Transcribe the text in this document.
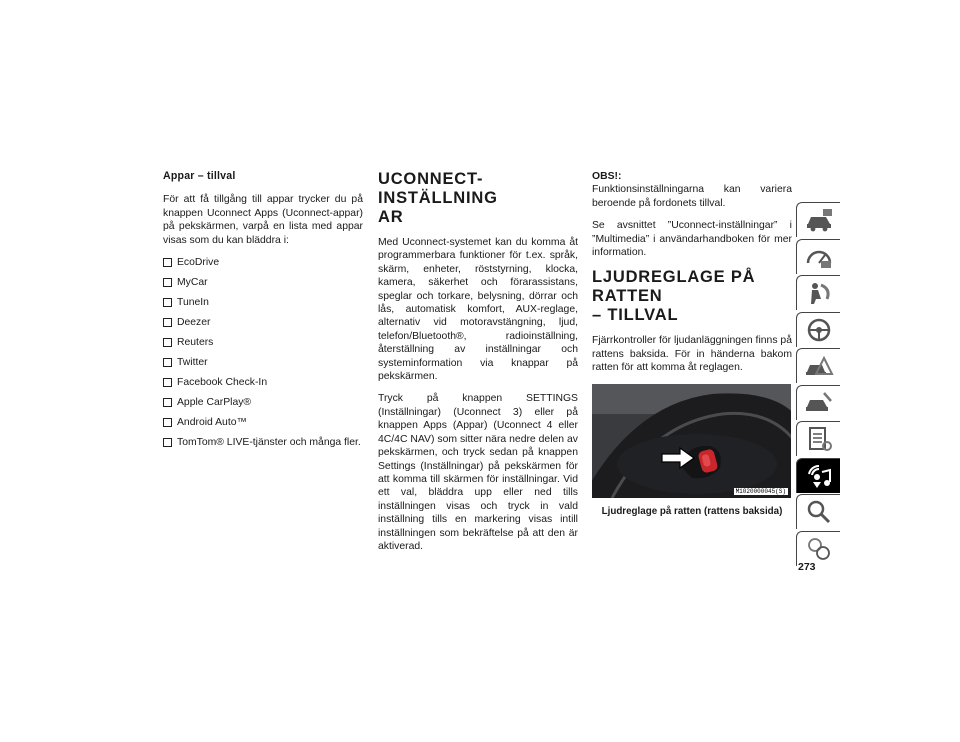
Appar – tillval

För att få tillgång till appar trycker du på knappen Uconnect Apps (Uconnect-appar) på pekskärmen, varpå en lista med appar visas som du kan bläddra i:

EcoDrive
MyCar
TuneIn
Deezer
Reuters
Twitter
Facebook Check-In
Apple CarPlay®
Android Auto™
TomTom® LIVE-tjänster och många fler.
UCONNECT-INSTÄLLNING
AR

Med Uconnect-systemet kan du komma åt programmerbara funktioner för t.ex. språk, skärm, enheter, röststyrning, klocka, kamera, säkerhet och förarassistans, speglar och torkare, belysning, dörrar och lås, automatisk komfort, AUX-reglage, alternativ vid motoravstängning, ljud, telefon/Bluetooth®, radioinställning, återställning av inställningar och systeminformation via knappar på pekskärmen.

Tryck på knappen SETTINGS (Inställningar) (Uconnect 3) eller på knappen Apps (Appar) (Uconnect 4 eller 4C/4C NAV) som sitter nära nedre delen av pekskärmen, och tryck sedan på knappen Settings (Inställningar) på pekskärmen för att komma till skärmen för inställningar. Vid ett val, bläddra upp eller ned tills inställningen visas och tryck in vald inställning tills en markering visas intill inställningen som bekräftelse på att den är aktiverad.

OBS!:

Funktionsinställningarna kan variera beroende på fordonets tillval.

Se avsnittet ”Uconnect-inställningar” i ”Multimedia” i användarhandboken för mer information.

LJUDREGLAGE PÅ RATTEN
– TILLVAL

Fjärrkontroller för ljudanläggningen finns på rattens baksida. För in händerna bakom ratten för att komma åt reglagen.

M1020000045(S)
Ljudreglage på ratten (rattens baksida)
273
